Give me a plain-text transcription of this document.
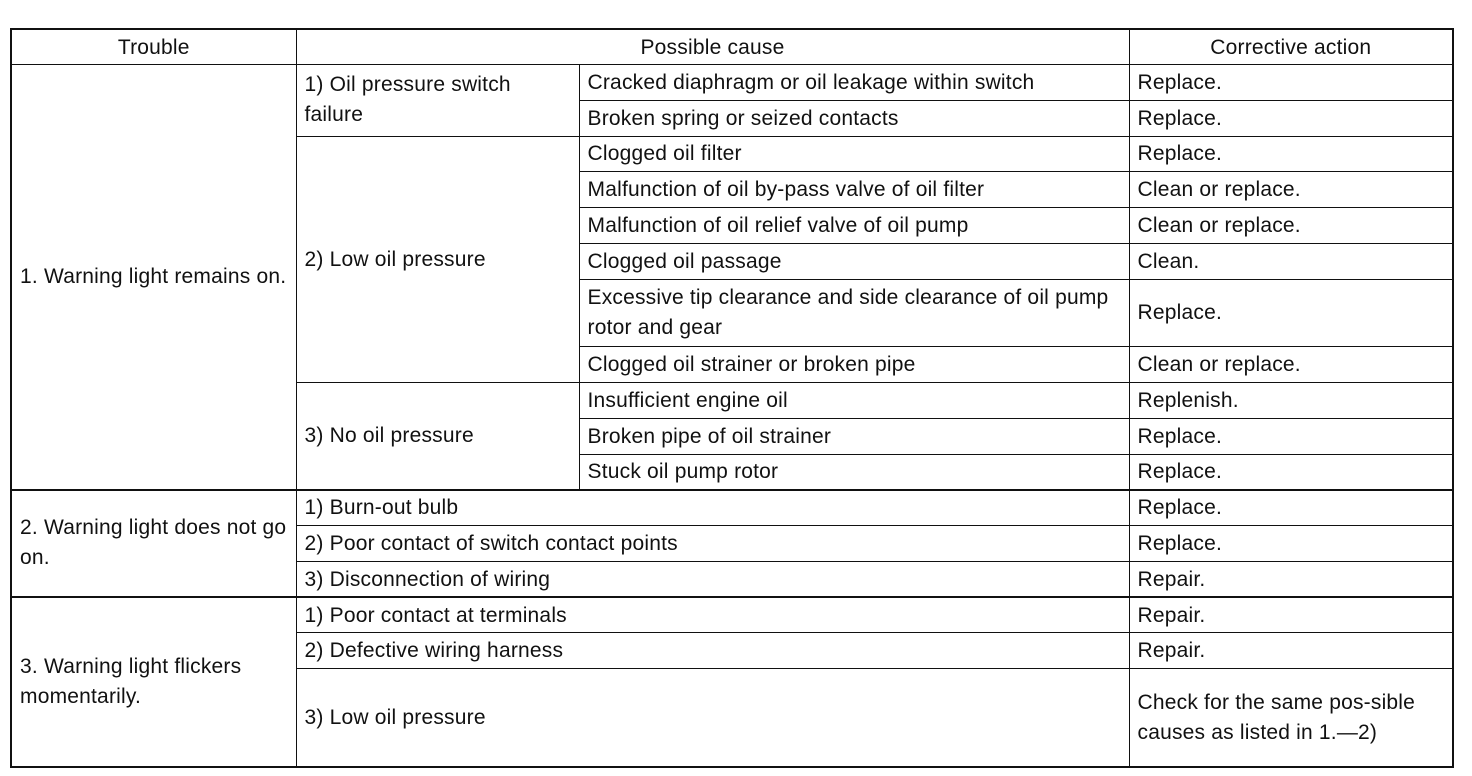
Trouble	Possible cause		Corrective action
1. Warning light remains on.	1) Oil pressure switch failure	Cracked diaphragm or oil leakage within switch	Replace.
		Broken spring or seized contacts	Replace.
	2) Low oil pressure	Clogged oil filter	Replace.
		Malfunction of oil by-pass valve of oil filter	Clean or replace.
		Malfunction of oil relief valve of oil pump	Clean or replace.
		Clogged oil passage	Clean.
		Excessive tip clearance and side clearance of oil pump rotor and gear	Replace.
		Clogged oil strainer or broken pipe	Clean or replace.
	3) No oil pressure	Insufficient engine oil	Replenish.
		Broken pipe of oil strainer	Replace.
		Stuck oil pump rotor	Replace.
2. Warning light does not go on.	1) Burn-out bulb		Replace.
	2) Poor contact of switch contact points		Replace.
	3) Disconnection of wiring		Repair.
3. Warning light flickers momentarily.	1) Poor contact at terminals		Repair.
	2) Defective wiring harness		Repair.
	3) Low oil pressure		Check for the same pos-sible causes as listed in 1.—2)
